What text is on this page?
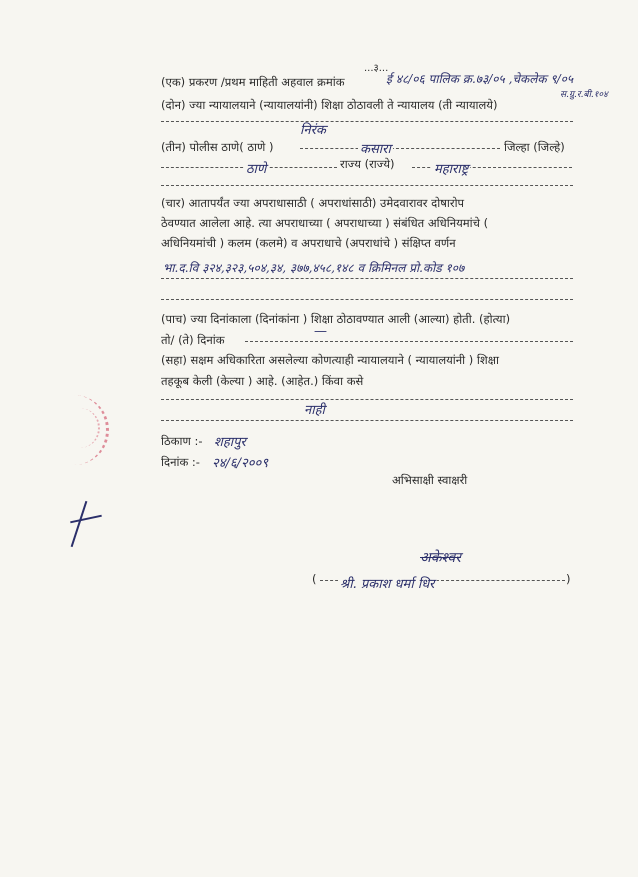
...३...
(एक) प्रकरण /प्रथम माहिती अहवाल क्रमांक	ई ४८/०६ पालिक क्र.७३/०५ ,चेकलेक ९/०५
स.ग्रु.र.बी.१०४
(दोन) ज्या न्यायालयाने (न्यायालयांनी) शिक्षा ठोठावली ते न्यायालय (ती न्यायालये)
निरंक
(तीन) पोलीस ठाणे( ठाणे )	कसारा	जिल्हा (जिल्हे)
ठाणे	राज्य (राज्ये)	महाराष्ट्र
(चार) आतापर्यंत ज्या अपराधासाठी ( अपराधांसाठी) उमेदवारावर दोषारोप
ठेवण्यात आलेला आहे. त्या अपराधाच्या ( अपराधाच्या ) संबंधित अधिनियमांचे (
अधिनियमांची ) कलम (कलमे) व अपराधाचे (अपराधांचे ) संक्षिप्त वर्णन
भा.द.वि ३२४,३२३,५०४,३४, ३७७,४५८,१४८ व क्रिमिनल प्रो.कोड १०७
(पाच) ज्या दिनांकाला (दिनांकांना ) शिक्षा ठोठावण्यात आली (आल्या) होती. (होत्या)
तो/ (ते) दिनांक
—
(सहा) सक्षम अधिकारिता असलेल्या कोणत्याही न्यायालयाने ( न्यायालयांनी ) शिक्षा
तहकूब केली (केल्या ) आहे. (आहेत.) किंवा कसे
नाही
ठिकाण :- शहापुर
दिनांक :- २४/६/२००९
अभिसाक्षी स्वाक्षरी
अकेश्वर
( श्री. प्रकाश धर्मा धिर	)
